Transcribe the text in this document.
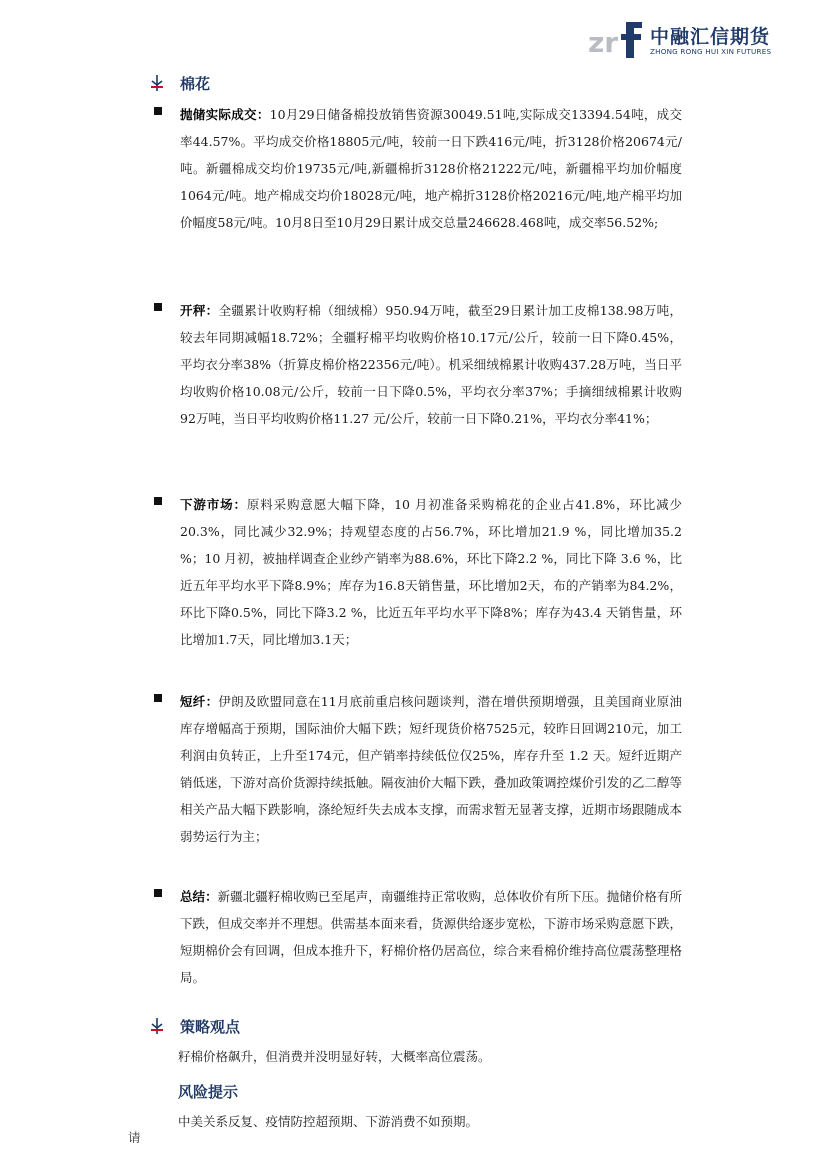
zr 中融汇信期货
ZHONG RONG HUI XIN FUTURES
棉花

抛储实际成交：10月29日储备棉投放销售资源30049.51吨,实际成交13394.54吨，成交率44.57%。平均成交价格18805元/吨，较前一日下跌416元/吨，折3128价格20674元/吨。新疆棉成交均价19735元/吨,新疆棉折3128价格21222元/吨，新疆棉平均加价幅度1064元/吨。地产棉成交均价18028元/吨，地产棉折3128价格20216元/吨,地产棉平均加价幅度58元/吨。10月8日至10月29日累计成交总量246628.468吨，成交率56.52%;

开秤：全疆累计收购籽棉（细绒棉）950.94万吨，截至29日累计加工皮棉138.98万吨，较去年同期减幅18.72%；全疆籽棉平均收购价格10.17元/公斤，较前一日下降0.45%，平均衣分率38%（折算皮棉价格22356元/吨）。机采细绒棉累计收购437.28万吨，当日平均收购价格10.08元/公斤，较前一日下降0.5%，平均衣分率37%；手摘细绒棉累计收购92万吨，当日平均收购价格11.27 元/公斤，较前一日下降0.21%，平均衣分率41%；

下游市场：原料采购意愿大幅下降，10 月初准备采购棉花的企业占41.8%，环比减少20.3%，同比减少32.9%；持观望态度的占56.7%，环比增加21.9 %，同比增加35.2 %；10 月初，被抽样调查企业纱产销率为88.6%，环比下降2.2 %，同比下降 3.6 %，比近五年平均水平下降8.9%；库存为16.8天销售量，环比增加2天，布的产销率为84.2%，环比下降0.5%，同比下降3.2 %，比近五年平均水平下降8%；库存为43.4 天销售量，环比增加1.7天，同比增加3.1天；

短纤：伊朗及欧盟同意在11月底前重启核问题谈判，潜在增供预期增强，且美国商业原油库存增幅高于预期，国际油价大幅下跌；短纤现货价格7525元，较昨日回调210元，加工利润由负转正，上升至174元，但产销率持续低位仅25%，库存升至 1.2 天。短纤近期产销低迷，下游对高价货源持续抵触。隔夜油价大幅下跌，叠加政策调控煤价引发的乙二醇等相关产品大幅下跌影响，涤纶短纤失去成本支撑，而需求暂无显著支撑，近期市场跟随成本弱势运行为主；

总结：新疆北疆籽棉收购已至尾声，南疆维持正常收购，总体收价有所下压。抛储价格有所下跌，但成交率并不理想。供需基本面来看，货源供给逐步宽松，下游市场采购意愿下跌，短期棉价会有回调，但成本推升下，籽棉价格仍居高位，综合来看棉价维持高位震荡整理格局。

策略观点
籽棉价格飙升，但消费并没明显好转，大概率高位震荡。
风险提示
中美关系反复、疫情防控超预期、下游消费不如预期。
请
